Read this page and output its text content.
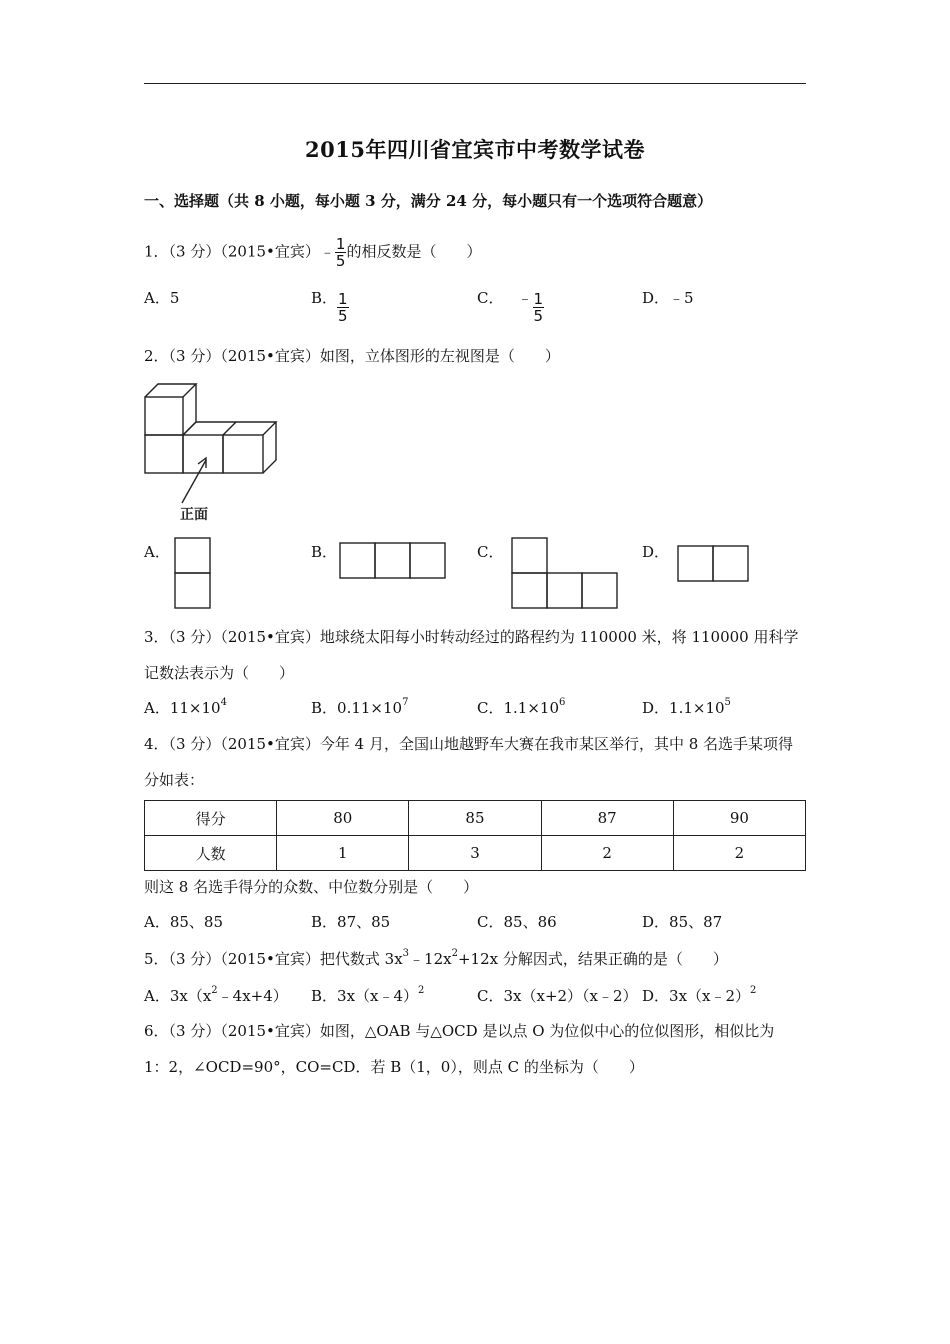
2015年四川省宜宾市中考数学试卷
一、选择题（共 8 小题，每小题 3 分，满分 24 分，每小题只有一个选项符合题意）
1．（3 分）（2015•宜宾）﹣ $\frac{1}{5}$ 的相反数是（　　）
A．5	B． $\frac{1}{5}$	C． ﹣ $\frac{1}{5}$	D．﹣5
2．（3 分）（2015•宜宾）如图，立体图形的左视图是（　　）
正面
A．	B．	C．	D．
3．（3 分）（2015•宜宾）地球绕太阳每小时转动经过的路程约为 110000 米，将 110000 用科学
记数法表示为（　　）
A．$11\times 10^4$	B．$0.11\times 10^7$	C．$1.1\times 10^6$	D．$1.1\times 10^5$
4．（3 分）（2015•宜宾）今年 4 月，全国山地越野车大赛在我市某区举行，其中 8 名选手某项得
分如表：
得分	80	85	87	90
人数	1	3	2	2
则这 8 名选手得分的众数、中位数分别是（　　）
A．85、85	B．87、85	C．85、86	D．85、87
5．（3 分）（2015•宜宾）把代数式 $3x^3﹣12x^2+12x$ 分解因式，结果正确的是（　　）
A．$3x(x^2﹣4x+4)$ B．3x（x﹣4）$^2$	C．3x（x+2）（x﹣2） D．3x（x﹣2）$^2$
6．（3 分）（2015•宜宾）如图，△OAB 与△OCD 是以点 O 为位似中心的位似图形，相似比为
1：2，∠OCD=90°，CO=CD．若 B（1，0），则点 C 的坐标为（　　）
